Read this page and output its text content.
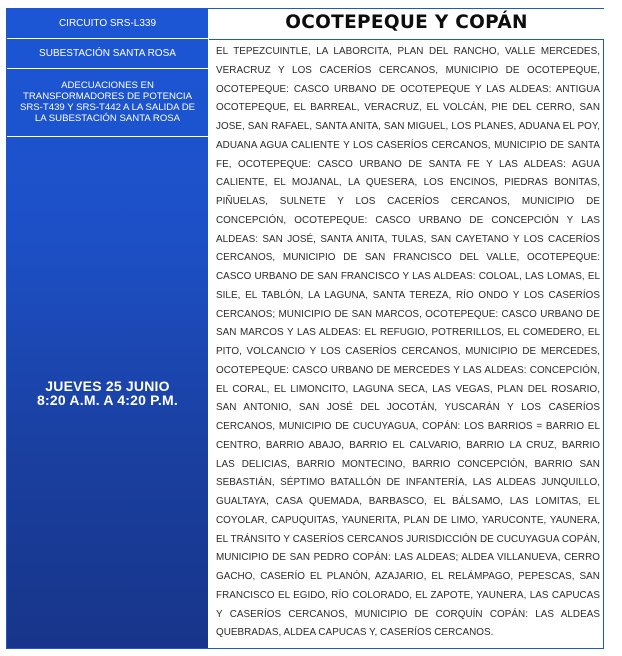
CIRCUITO SRS-L339
SUBESTACIÓN SANTA ROSA
ADECUACIONES EN TRANSFORMADORES DE POTENCIA SRS-T439 Y SRS-T442 A LA SALIDA DE LA SUBESTACIÓN SANTA ROSA
JUEVES 25 JUNIO
8:20 A.M. A 4:20 P.M.
OCOTEPEQUE Y COPÁN

EL TEPEZCUINTLE, LA LABORCITA, PLAN DEL RANCHO, VALLE MERCEDES, VERACRUZ Y LOS CACERÍOS CERCANOS, MUNICIPIO DE OCOTEPEQUE, OCOTEPEQUE: CASCO URBANO DE OCOTEPEQUE Y LAS ALDEAS: ANTIGUA OCOTEPEQUE, EL BARREAL, VERACRUZ, EL VOLCÁN, PIE DEL CERRO, SAN JOSE, SAN RAFAEL, SANTA ANITA, SAN MIGUEL, LOS PLANES, ADUANA EL POY, ADUANA AGUA CALIENTE Y LOS CASERÍOS CERCANOS, MUNICIPIO DE SANTA FE, OCOTEPEQUE: CASCO URBANO DE SANTA FE Y LAS ALDEAS: AGUA CALIENTE, EL MOJANAL, LA QUESERA, LOS ENCINOS, PIEDRAS BONITAS, PIÑUELAS, SULNETE Y LOS CACERÍOS CERCANOS, MUNICIPIO DE CONCEPCIÓN, OCOTEPEQUE: CASCO URBANO DE CONCEPCIÓN Y LAS ALDEAS: SAN JOSÉ, SANTA ANITA, TULAS, SAN CAYETANO Y LOS CACERÍOS CERCANOS, MUNICIPIO DE SAN FRANCISCO DEL VALLE, OCOTEPEQUE: CASCO URBANO DE SAN FRANCISCO Y LAS ALDEAS: COLOAL, LAS LOMAS, EL SILE, EL TABLÓN, LA LAGUNA, SANTA TEREZA, RÍO ONDO Y LOS CASERÍOS CERCANOS; MUNICIPIO DE SAN MARCOS, OCOTEPEQUE: CASCO URBANO DE SAN MARCOS Y LAS ALDEAS: EL REFUGIO, POTRERILLOS, EL COMEDERO, EL PITO, VOLCANCIO Y LOS CASERÍOS CERCANOS, MUNICIPIO DE MERCEDES, OCOTEPEQUE: CASCO URBANO DE MERCEDES Y LAS ALDEAS: CONCEPCIÓN, EL CORAL, EL LIMONCITO, LAGUNA SECA, LAS VEGAS, PLAN DEL ROSARIO, SAN ANTONIO, SAN JOSÉ DEL JOCOTÁN, YUSCARÁN Y LOS CASERÍOS CERCANOS, MUNICIPIO DE CUCUYAGUA, COPÁN: LOS BARRIOS = BARRIO EL CENTRO, BARRIO ABAJO, BARRIO EL CALVARIO, BARRIO LA CRUZ, BARRIO LAS DELICIAS, BARRIO MONTECINO, BARRIO CONCEPCIÓN, BARRIO SAN SEBASTIÁN, SÉPTIMO BATALLÓN DE INFANTERÍA, LAS ALDEAS JUNQUILLO, GUALTAYA, CASA QUEMADA, BARBASCO, EL BÁLSAMO, LAS LOMITAS, EL COYOLAR, CAPUQUITAS, YAUNERITA, PLAN DE LIMO, YARUCONTE, YAUNERA, EL TRÁNSITO Y CASERÍOS CERCANOS JURISDICCIÓN DE CUCUYAGUA COPÁN, MUNICIPIO DE SAN PEDRO COPÁN: LAS ALDEAS; ALDEA VILLANUEVA, CERRO GACHO, CASERÍO EL PLANÓN, AZAJARIO, EL RELÁMPAGO, PEPESCAS, SAN FRANCISCO EL EGIDO, RÍO COLORADO, EL ZAPOTE, YAUNERA, LAS CAPUCAS Y CASERÍOS CERCANOS, MUNICIPIO DE CORQUÍN COPÁN: LAS ALDEAS QUEBRADAS, ALDEA CAPUCAS Y, CASERÍOS CERCANOS.
